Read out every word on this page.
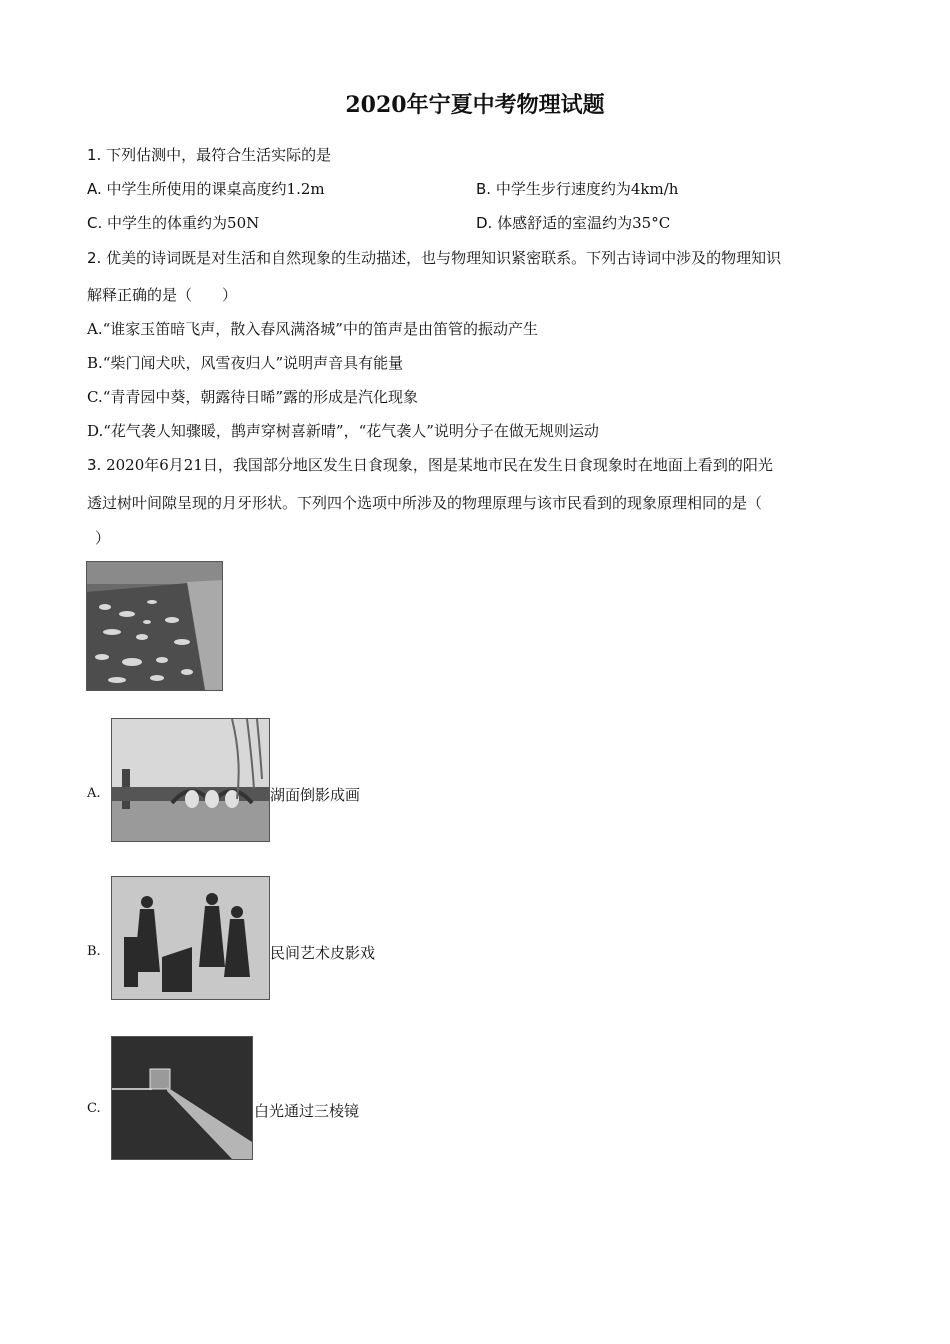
2020年宁夏中考物理试题
1. 下列估测中，最符合生活实际的是
A. 中学生所使用的课桌高度约1.2m	B. 中学生步行速度约为4km/h
C. 中学生的体重约为50N	D. 体感舒适的室温约为35°C
2. 优美的诗词既是对生活和自然现象的生动描述，也与物理知识紧密联系。下列古诗词中涉及的物理知识
解释正确的是（　　）
A.“谁家玉笛暗飞声，散入春风满洛城”中的笛声是由笛管的振动产生
B.“柴门闻犬吠，风雪夜归人”说明声音具有能量
C.“青青园中葵，朝露待日晞”露的形成是汽化现象
D.“花气袭人知骤暖，鹊声穿树喜新晴”，“花气袭人”说明分子在做无规则运动
3. 2020年6月21日，我国部分地区发生日食现象，图是某地市民在发生日食现象时在地面上看到的阳光
透过树叶间隙呈现的月牙形状。下列四个选项中所涉及的物理原理与该市民看到的现象原理相同的是（
）
A.	湖面倒影成画
B.	民间艺术皮影戏
C.	白光通过三棱镜
